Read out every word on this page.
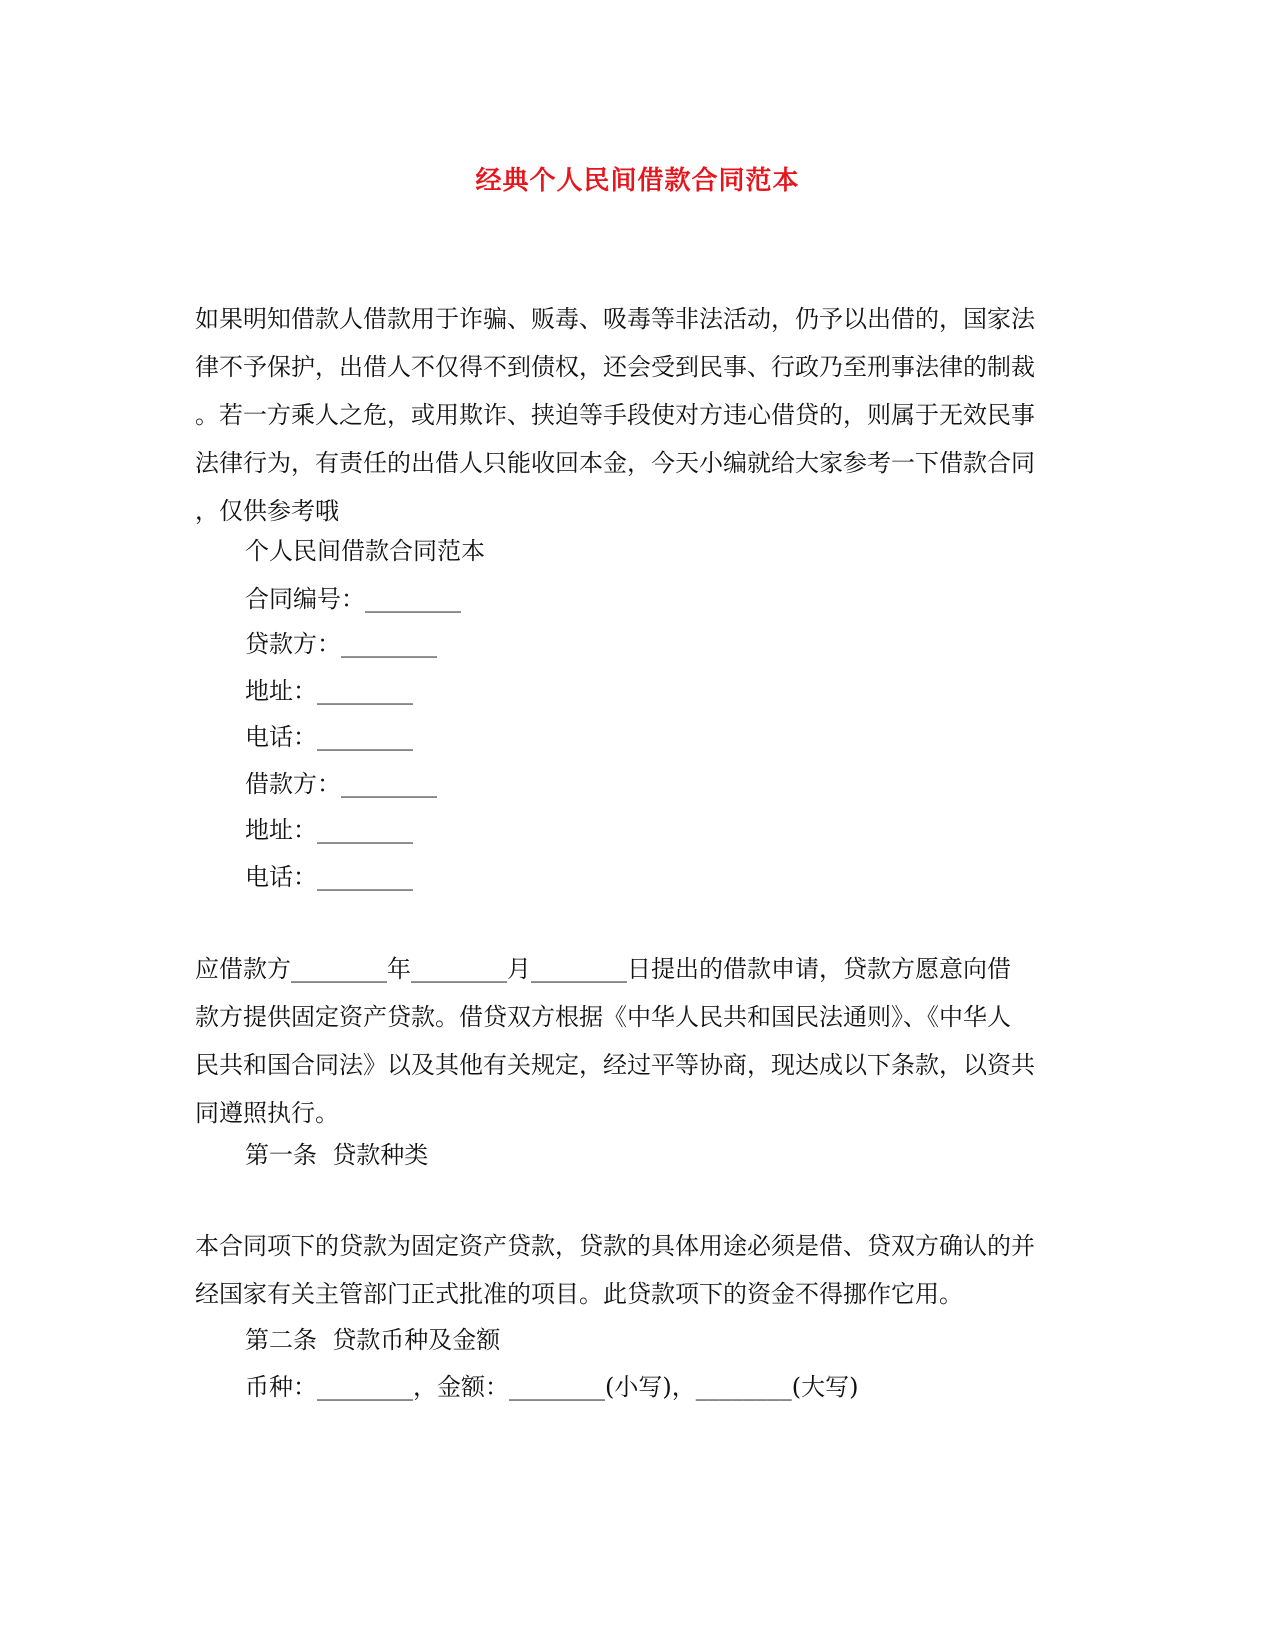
经典个人民间借款合同范本
如果明知借款人借款用于诈骗、贩毒、吸毒等非法活动，仍予以出借的，国家法
律不予保护，出借人不仅得不到债权，还会受到民事、行政乃至刑事法律的制裁
。若一方乘人之危，或用欺诈、挟迫等手段使对方违心借贷的，则属于无效民事
法律行为，有责任的出借人只能收回本金，今天小编就给大家参考一下借款合同
，仅供参考哦
个人民间借款合同范本
合同编号：________
贷款方：________
地址：________
电话：________
借款方：________
地址：________
电话：________
应借款方________年________月________日提出的借款申请，贷款方愿意向借
款方提供固定资产贷款。借贷双方根据《中华人民共和国民法通则》、《中华人
民共和国合同法》以及其他有关规定，经过平等协商，现达成以下条款，以资共
同遵照执行。
第一条  贷款种类
本合同项下的贷款为固定资产贷款，贷款的具体用途必须是借、贷双方确认的并
经国家有关主管部门正式批准的项目。此贷款项下的资金不得挪作它用。
第二条  贷款币种及金额
币种：________，金额：________(小写)，________(大写)
